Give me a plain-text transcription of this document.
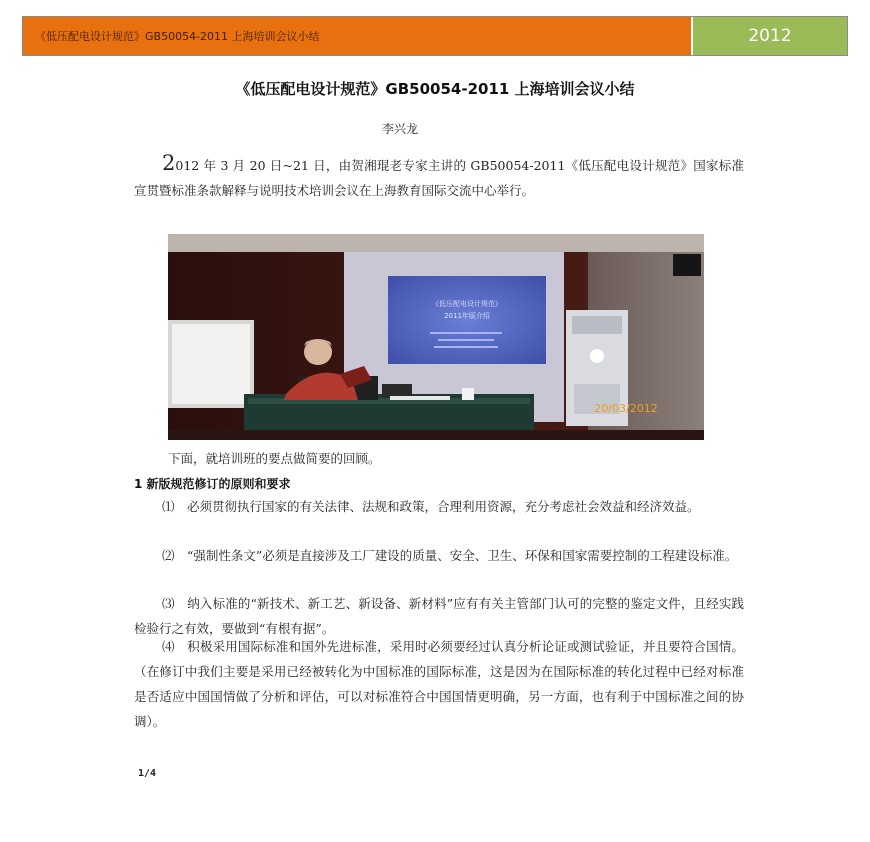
《低压配电设计规范》GB50054-2011 上海培训会议小结	2012
《低压配电设计规范》GB50054-2011 上海培训会议小结
李兴龙
2012 年 3 月 20 日~21 日，由贺湘琨老专家主讲的 GB50054-2011《低压配电设计规范》国家标准宣贯暨标准条款解释与说明技术培训会议在上海教育国际交流中心举行。
《低压配电设计规范》
2011年版介绍
20/03/2012
下面，就培训班的要点做简要的回顾。
1 新版规范修订的原则和要求
⑴　必须贯彻执行国家的有关法律、法规和政策，合理利用资源，充分考虑社会效益和经济效益。
⑵　“强制性条文”必须是直接涉及工厂建设的质量、安全、卫生、环保和国家需要控制的工程建设标准。
⑶　纳入标准的“新技术、新工艺、新设备、新材料”应有有关主管部门认可的完整的鉴定文件，且经实践检验行之有效，要做到“有根有据”。
⑷　积极采用国际标准和国外先进标准，采用时必须要经过认真分析论证或测试验证，并且要符合国情。（在修订中我们主要是采用已经被转化为中国标准的国际标准，这是因为在国际标准的转化过程中已经对标准是否适应中国国情做了分析和评估，可以对标准符合中国国情更明确，另一方面，也有利于中国标准之间的协调）。
1/4
